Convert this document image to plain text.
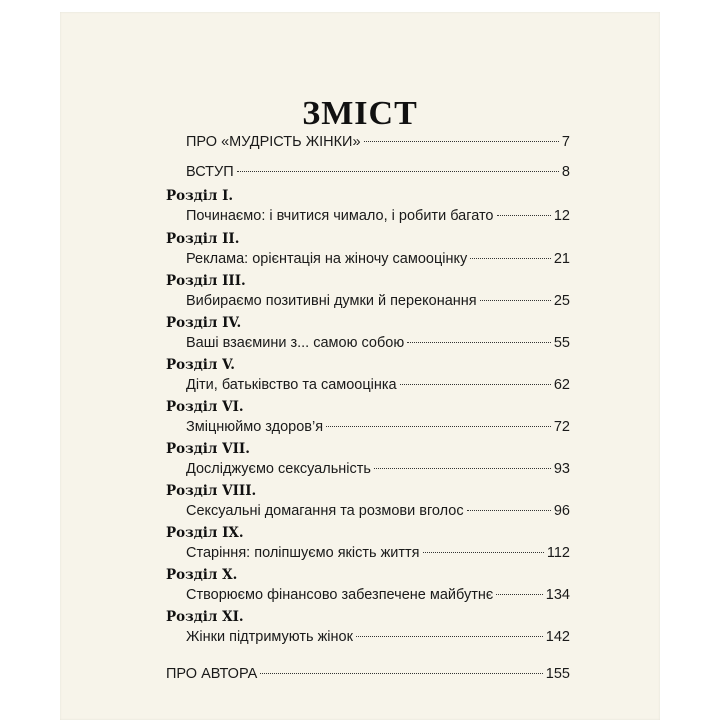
ЗМІСТ
ПРО «МУДРІСТЬ ЖІНКИ»	7
ВСТУП	8
Розділ І.
Починаємо: і вчитися чимало, і робити багато	12
Розділ ІІ.
Реклама: орієнтація на жіночу самооцінку	21
Розділ ІІІ.
Вибираємо позитивні думки й переконання	25
Розділ IV.
Ваші взаємини з... самою собою	55
Розділ V.
Діти, батьківство та самооцінка	62
Розділ VI.
Зміцнюймо здоров’я	72
Розділ VII.
Досліджуємо сексуальність	93
Розділ VIII.
Сексуальні домагання та розмови вголос	96
Розділ IX.
Старіння: поліпшуємо якість життя	112
Розділ X.
Створюємо фінансово забезпечене майбутнє	134
Розділ XI.
Жінки підтримують жінок	142
ПРО АВТОРА	155
